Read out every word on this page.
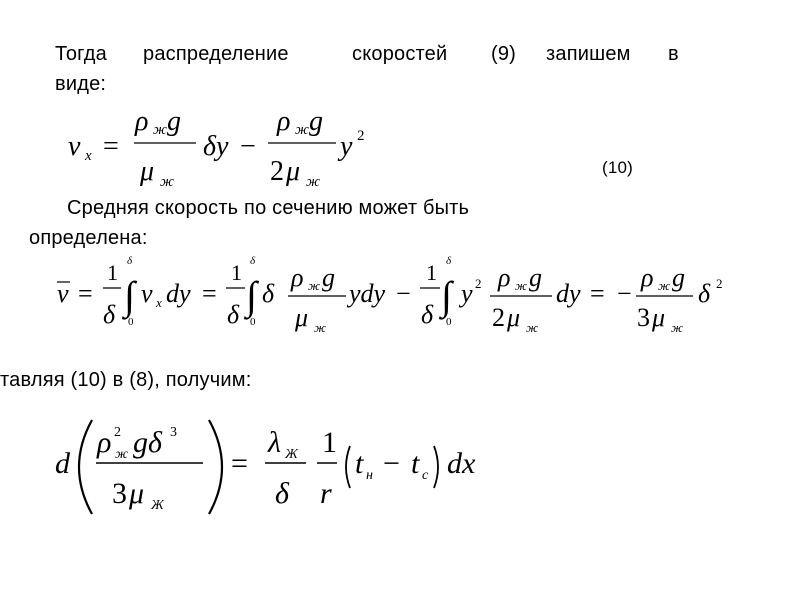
Тогда распределение	скоростей (9) запишем в
виде:
v x =
ρ ж g
μ ж
δy −
ρ ж g
2 μ ж
y 2
(10)
Средняя скорость по сечению может быть
определена:
v =
1
δ ∫
δ
0
v x dy =
1
δ ∫
δ
0
δ
ρ ж g
μ ж
ydy −
1
δ ∫
δ
0
y 2 ρ ж g
2 μ ж
dy = −
ρ ж g
3 μ ж
δ 2
тавляя (10) в (8), получим:
d
ρ 2
ж gδ 3
3 μ Ж
=
λ Ж
δ
1
r
t н − t с dx
